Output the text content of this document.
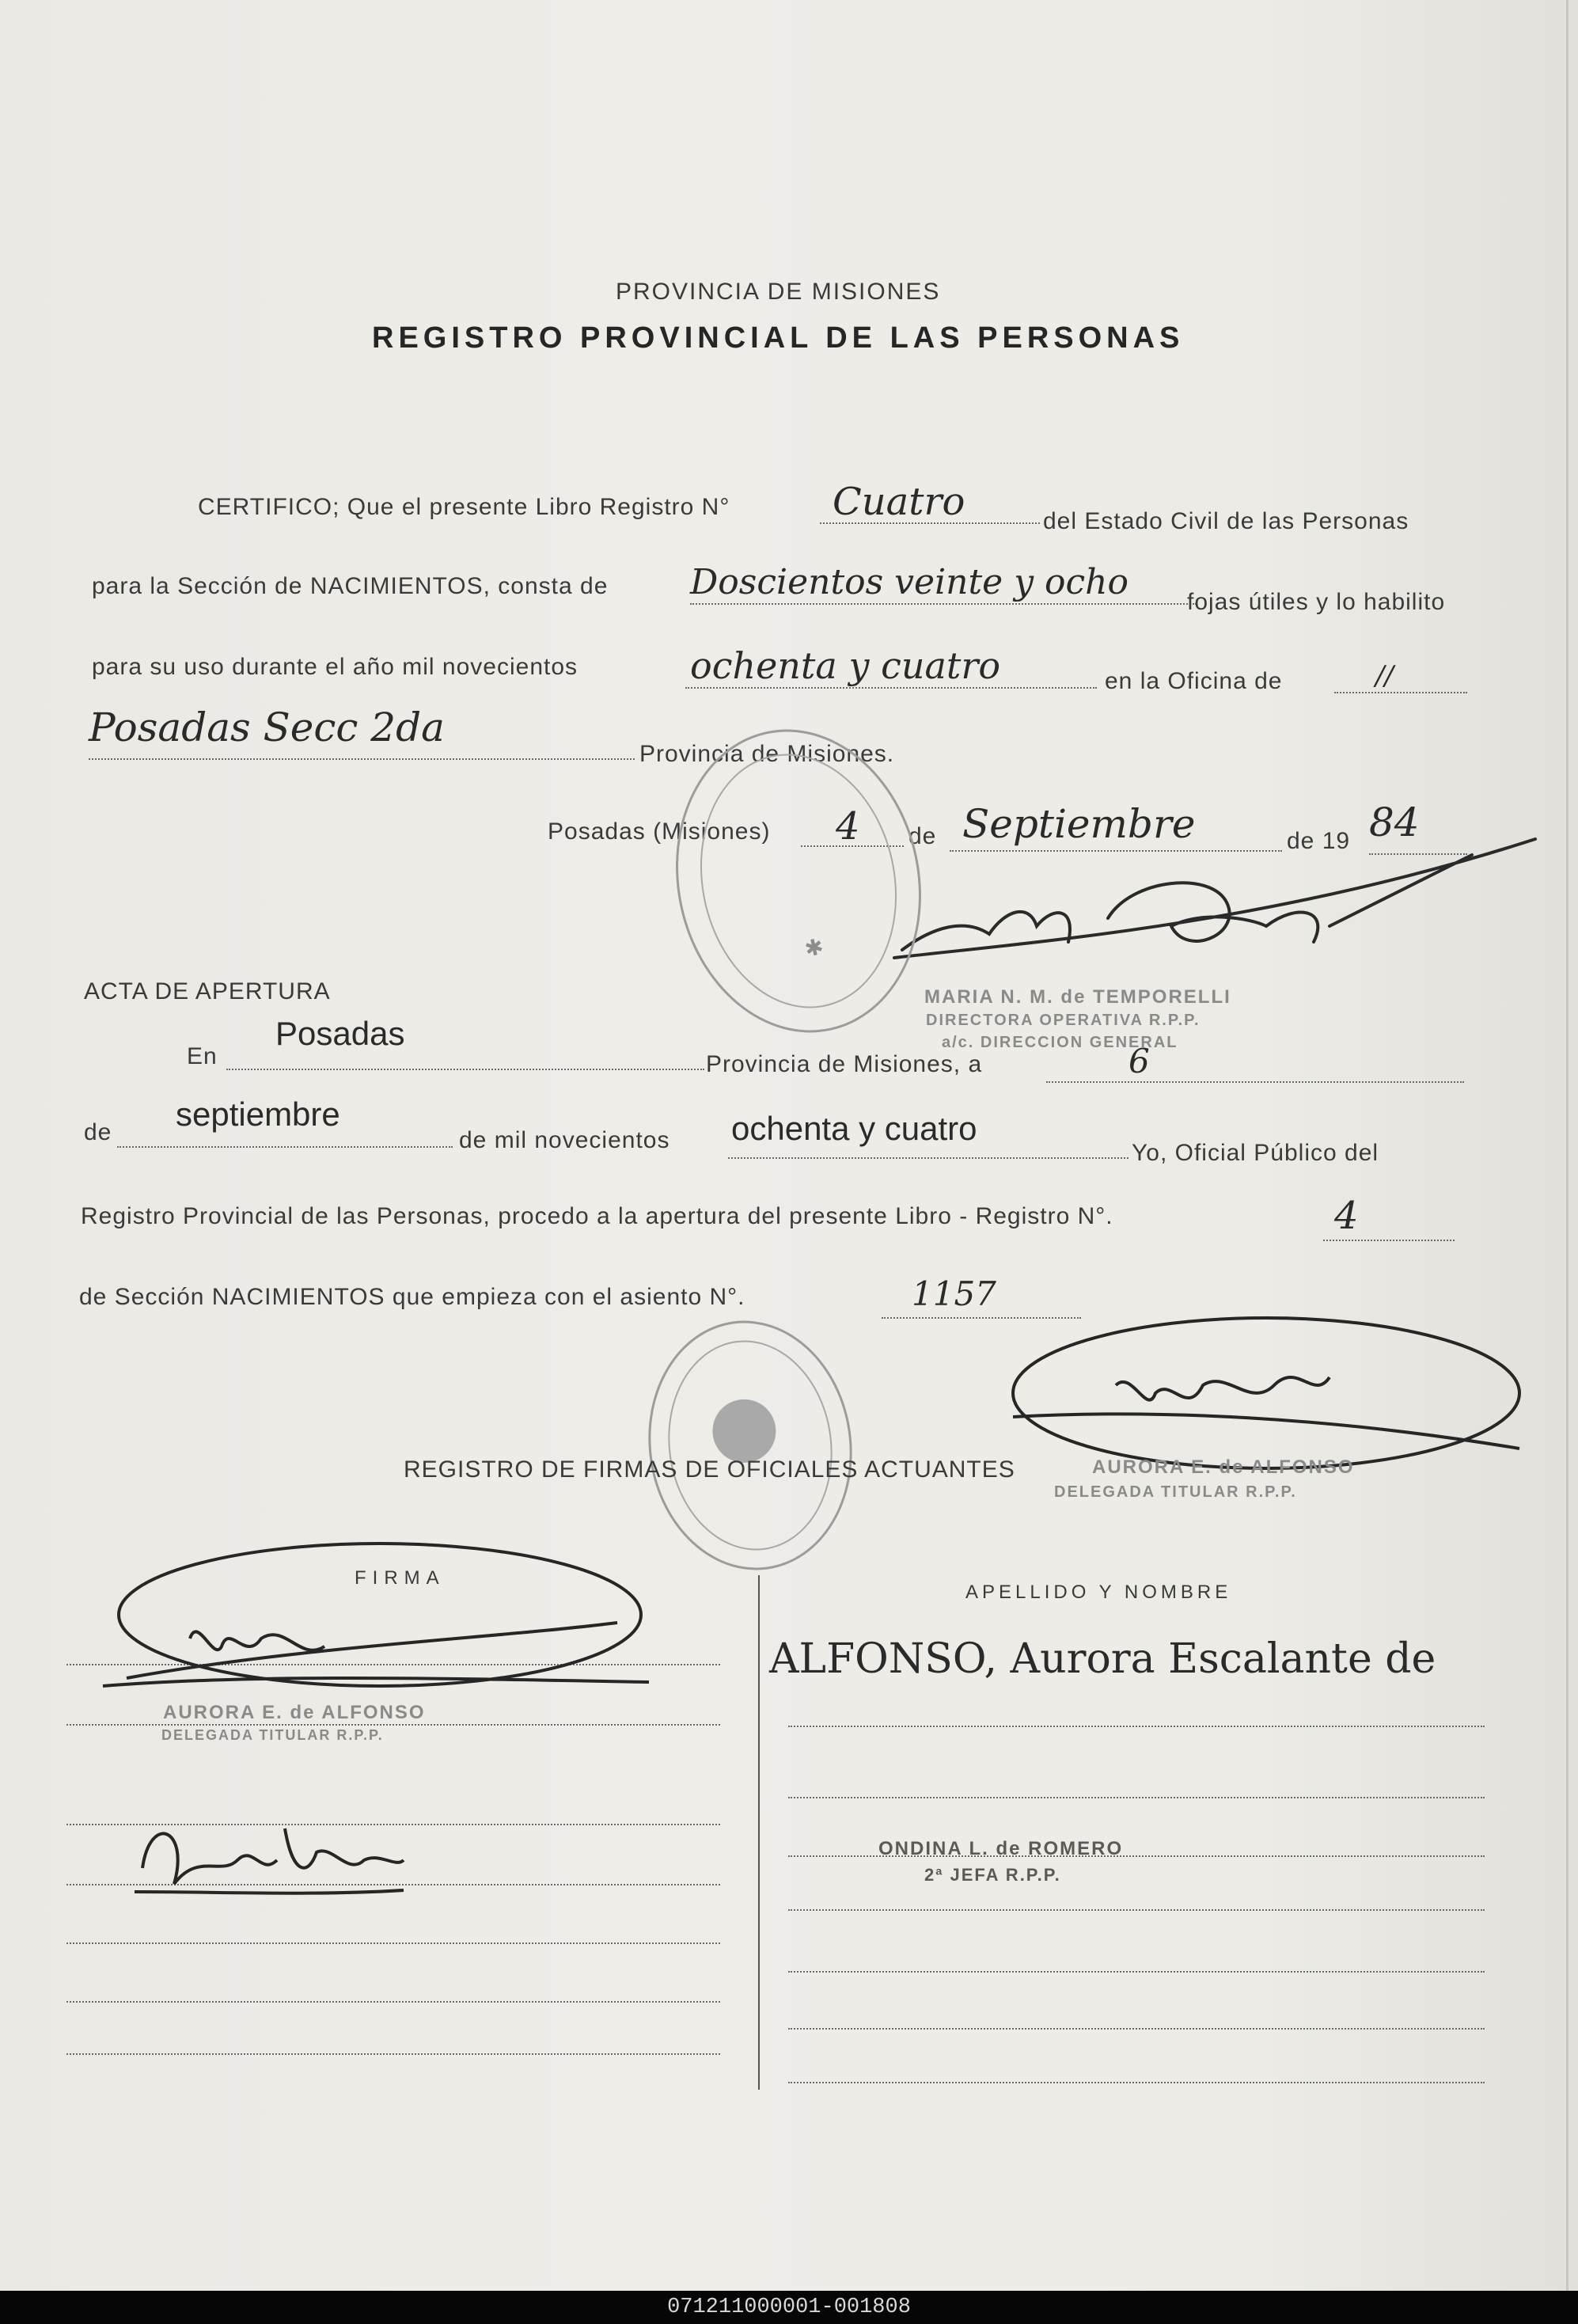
PROVINCIA DE MISIONES
REGISTRO PROVINCIAL DE LAS PERSONAS
CERTIFICO; Que el presente Libro Registro N°	Cuatro	del Estado Civil de las Personas
para la Sección de NACIMIENTOS, consta de Doscientos veinte y ocho fojas útiles y lo habilito
para su uso durante el año mil novecientos	ochenta y cuatro	en la Oficina de	//
Posadas Secc 2da
Provincia de Misiones.
Posadas (Misiones) 4 de Septiembre	de 19 84
MARIA N. M. de TEMPORELLI
DIRECTORA OPERATIVA R.P.P.
a/c. DIRECCION GENERAL
✱
ACTA DE APERTURA
En
Posadas
Provincia de Misiones, a	6
de septiembre
de mil novecientos ochenta y cuatro
Yo, Oficial Público del
Registro Provincial de las Personas, procedo a la apertura del presente Libro - Registro N°.	4
de Sección NACIMIENTOS que empieza con el asiento N°.	1157
AURORA E. de ALFONSO
DELEGADA TITULAR R.P.P.
REGISTRO DE FIRMAS DE OFICIALES ACTUANTES
FIRMA
APELLIDO Y NOMBRE
AURORA E. de ALFONSO
DELEGADA TITULAR R.P.P.
ALFONSO, Aurora Escalante de
ONDINA L. de ROMERO
2ª JEFA R.P.P.
071211000001-001808
